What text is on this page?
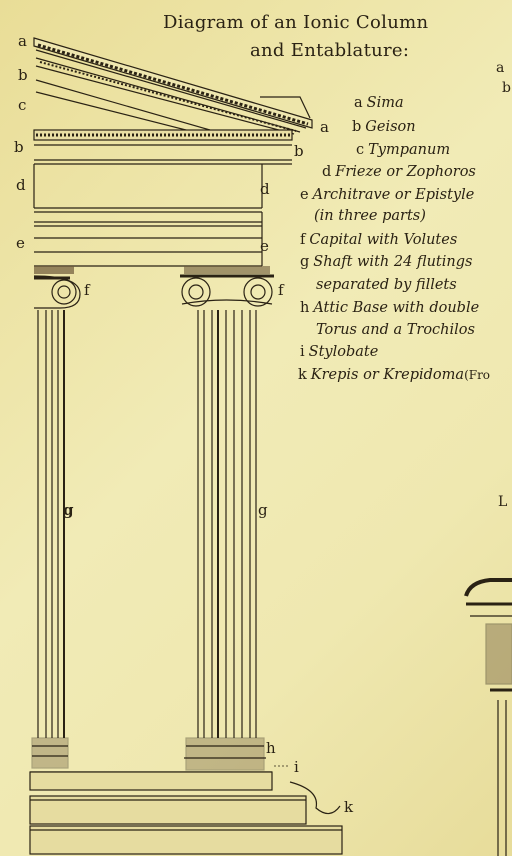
Diagram of an Ionic Column
and Entablature:
a Sima
b Geison
c Tympanum
d Frieze or Zophoros
e Architrave or Epistyle
(in three parts)
f Capital with Volutes
g Shaft with 24 flutings
separated by fillets
h Attic Base with double
Torus and a Trochilos
i Stylobate
k Krepis or Krepidoma(Fro
a
b
c
b
d
e
a
b
d
e
f	f
g	g
h
i
k
a
b
L
